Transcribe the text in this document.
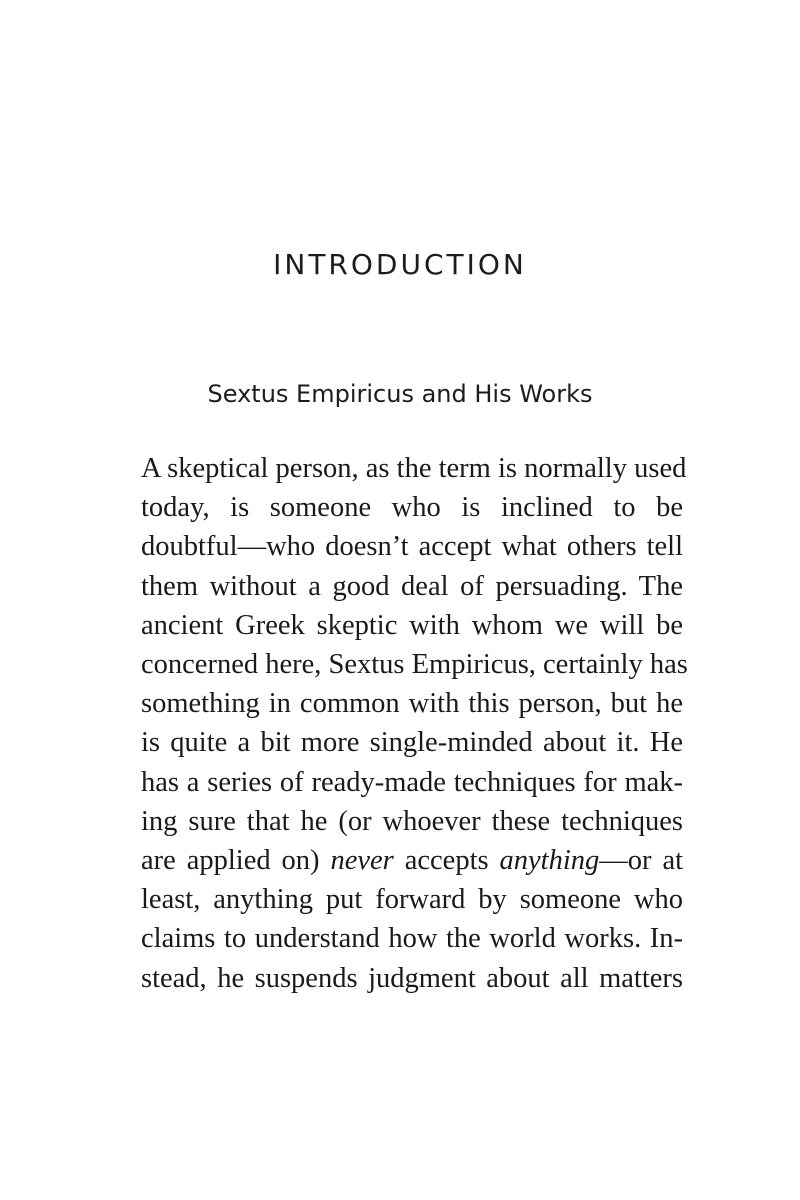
INTRODUCTION
Sextus Empiricus and His Works
A skeptical person, as the term is normally used
today, is someone who is inclined to be
doubtful—who doesn’t accept what others tell
them without a good deal of persuading. The
ancient Greek skeptic with whom we will be
concerned here, Sextus Empiricus, certainly has
something in common with this person, but he
is quite a bit more single-minded about it. He
has a series of ready-made techniques for mak-
ing sure that he (or whoever these techniques
are applied on) never accepts anything—or at
least, anything put forward by someone who
claims to understand how the world works. In-
stead, he suspends judgment about all matters
